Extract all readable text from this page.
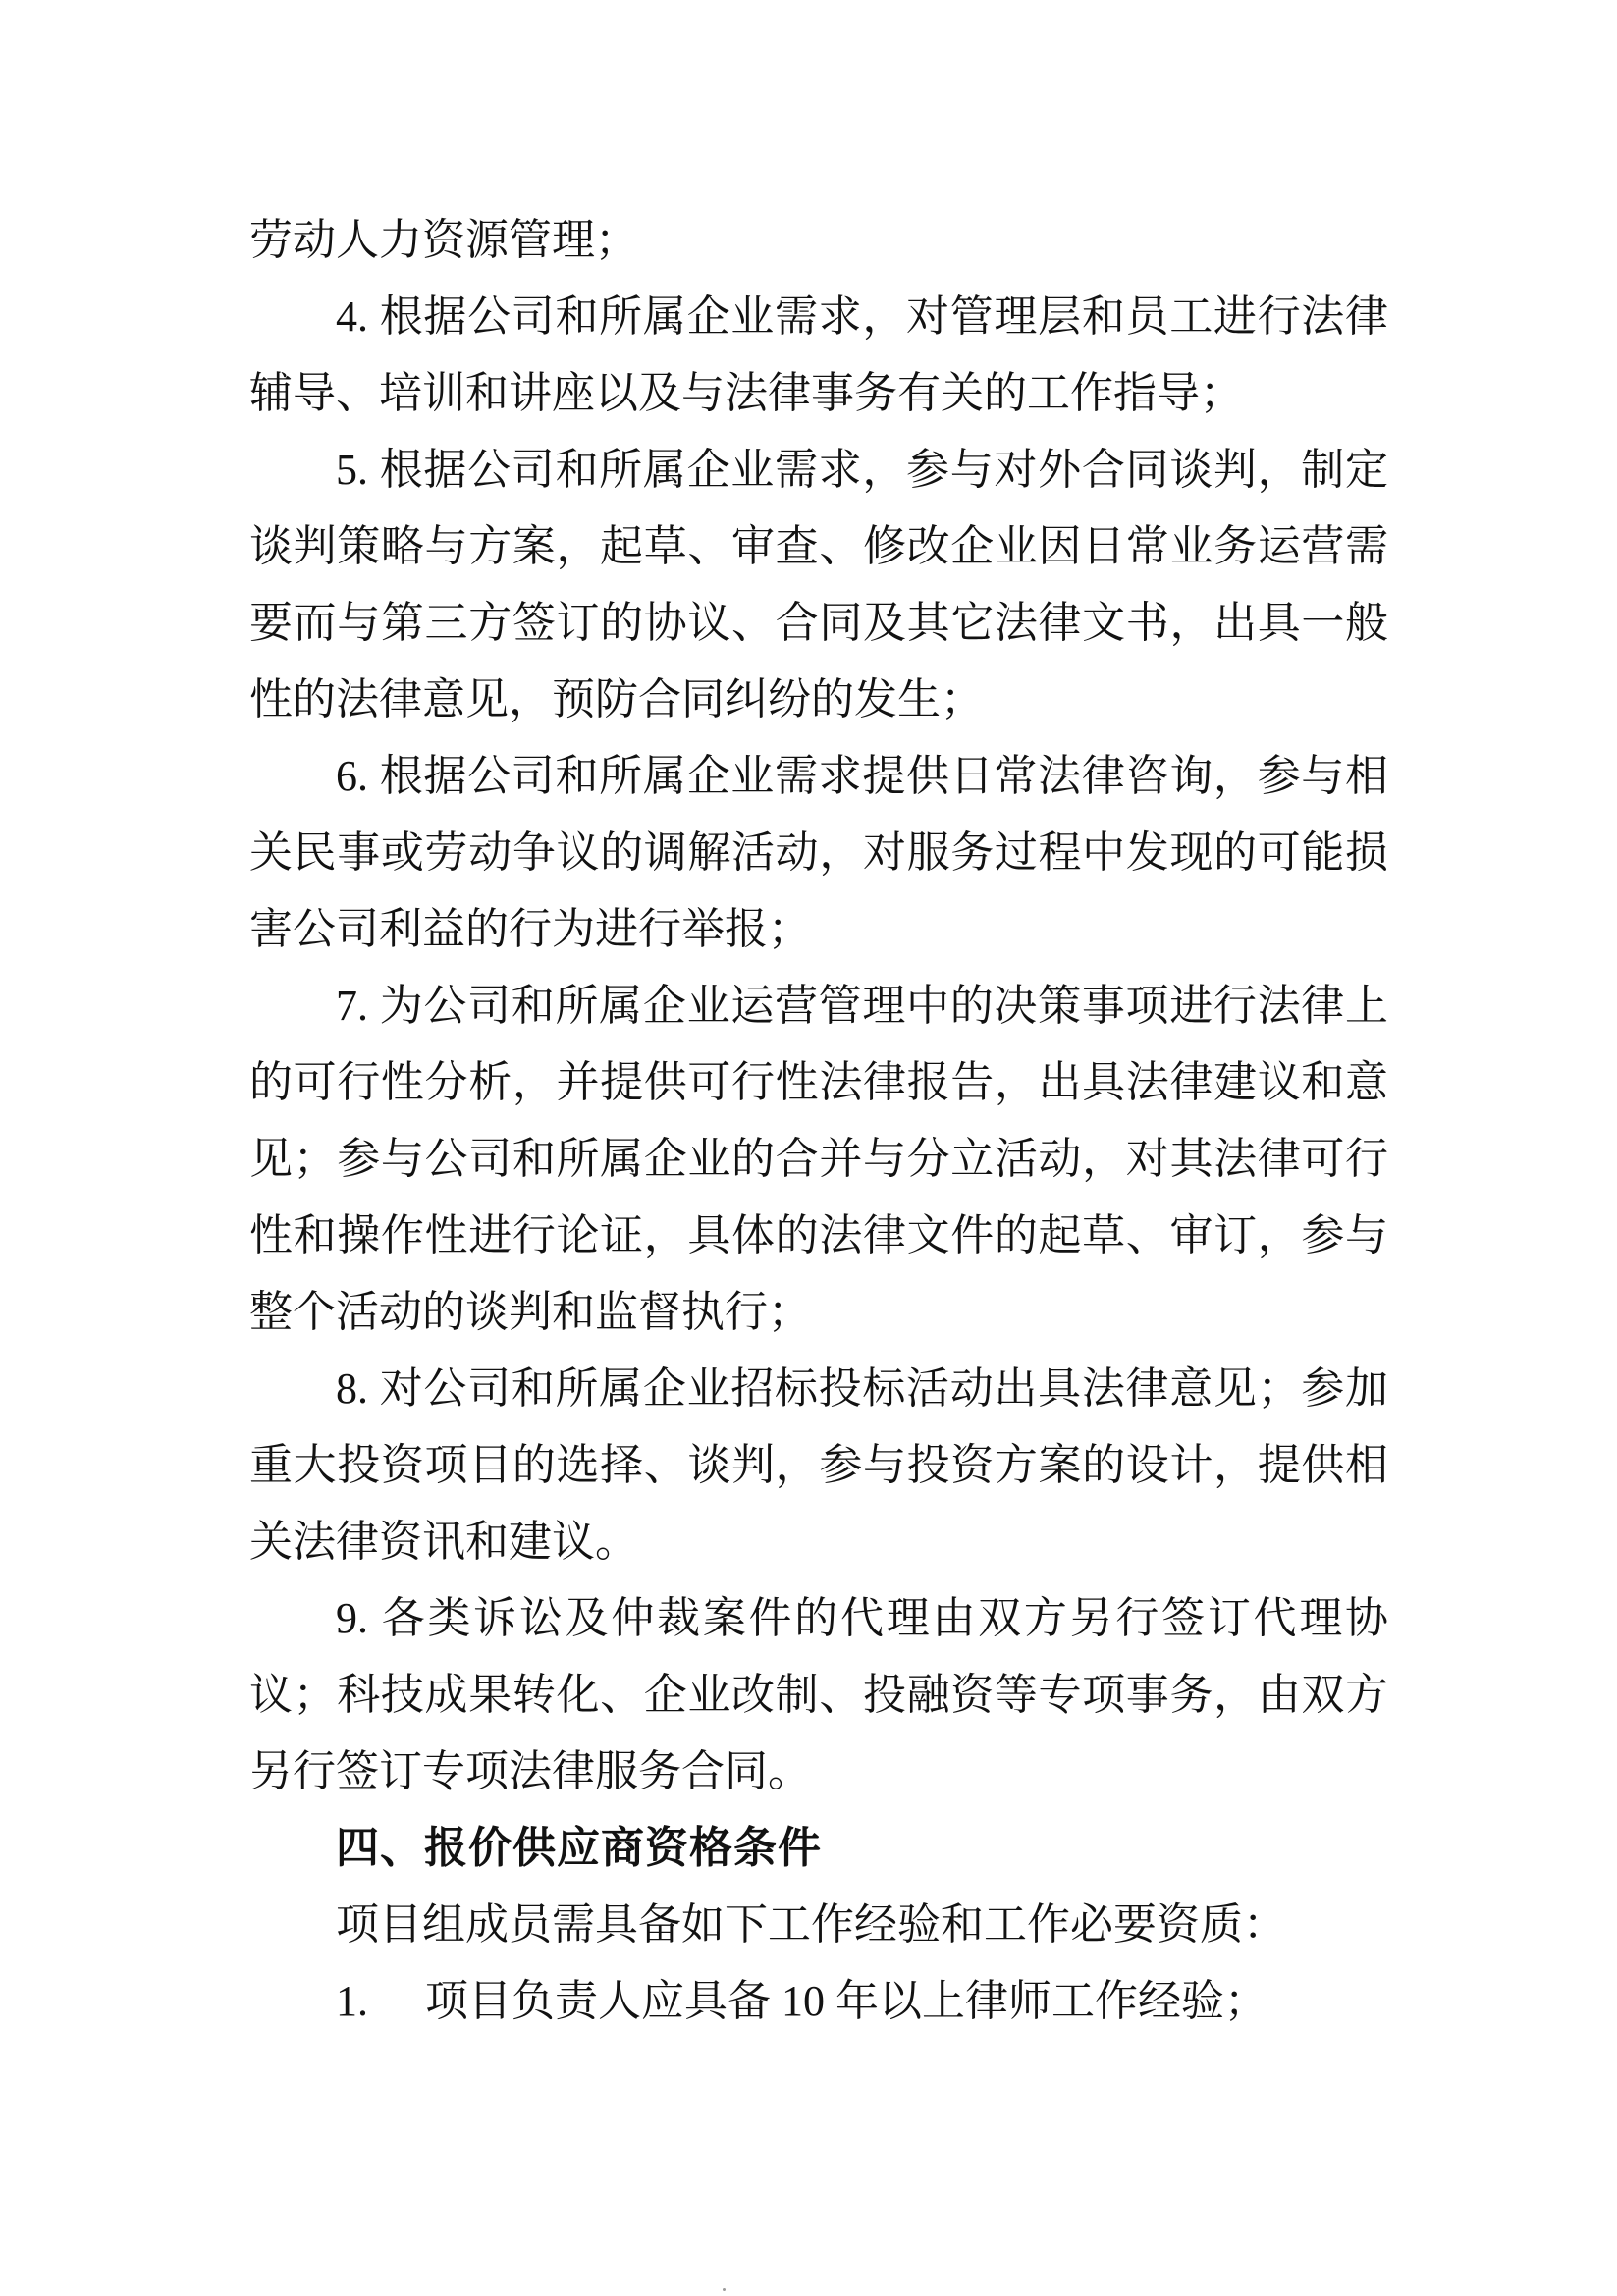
劳动人力资源管理；

4. 根据公司和所属企业需求，对管理层和员工进行法律辅导、培训和讲座以及与法律事务有关的工作指导；

5. 根据公司和所属企业需求，参与对外合同谈判，制定谈判策略与方案，起草、审查、修改企业因日常业务运营需要而与第三方签订的协议、合同及其它法律文书，出具一般性的法律意见，预防合同纠纷的发生；

6. 根据公司和所属企业需求提供日常法律咨询，参与相关民事或劳动争议的调解活动，对服务过程中发现的可能损害公司利益的行为进行举报；

7. 为公司和所属企业运营管理中的决策事项进行法律上的可行性分析，并提供可行性法律报告，出具法律建议和意见；参与公司和所属企业的合并与分立活动，对其法律可行性和操作性进行论证，具体的法律文件的起草、审订，参与整个活动的谈判和监督执行；

8. 对公司和所属企业招标投标活动出具法律意见；参加重大投资项目的选择、谈判，参与投资方案的设计，提供相关法律资讯和建议。

9. 各类诉讼及仲裁案件的代理由双方另行签订代理协议；科技成果转化、企业改制、投融资等专项事务，由双方另行签订专项法律服务合同。

四、报价供应商资格条件

项目组成员需具备如下工作经验和工作必要资质：

1. 项目负责人应具备 10 年以上律师工作经验；
